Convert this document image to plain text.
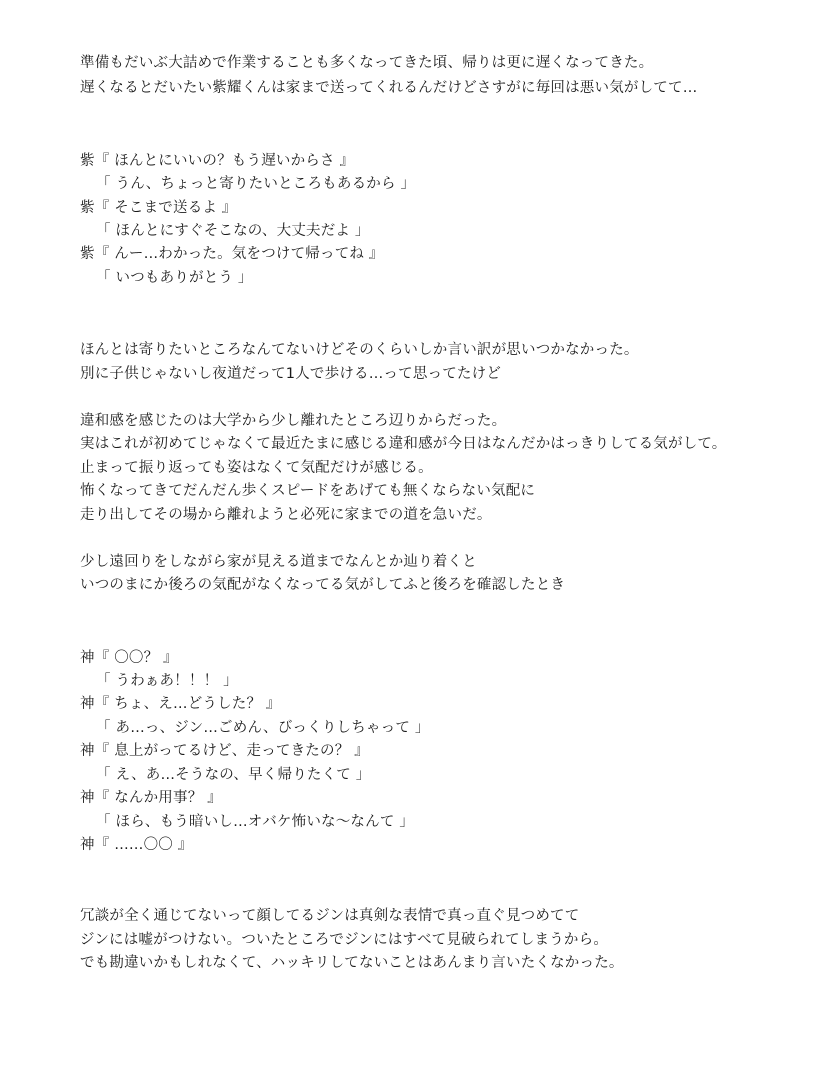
準備もだいぶ大詰めで作業することも多くなってきた頃、帰りは更に遅くなってきた。
遅くなるとだいたい紫耀くんは家まで送ってくれるんだけどさすがに毎回は悪い気がしてて…
紫『 ほんとにいいの？もう遅いからさ 』
「 うん、ちょっと寄りたいところもあるから 」
紫『 そこまで送るよ 』
「 ほんとにすぐそこなの、大丈夫だよ 」
紫『 んー…わかった。気をつけて帰ってね 』
「 いつもありがとう 」
ほんとは寄りたいところなんてないけどそのくらいしか言い訳が思いつかなかった。
別に子供じゃないし夜道だって1人で歩ける…って思ってたけど
違和感を感じたのは大学から少し離れたところ辺りからだった。
実はこれが初めてじゃなくて最近たまに感じる違和感が今日はなんだかはっきりしてる気がして。
止まって振り返っても姿はなくて気配だけが感じる。
怖くなってきてだんだん歩くスピードをあげても無くならない気配に
走り出してその場から離れようと必死に家までの道を急いだ。
少し遠回りをしながら家が見える道までなんとか辿り着くと
いつのまにか後ろの気配がなくなってる気がしてふと後ろを確認したとき
神『 〇〇？ 』
「 うわぁあ！！！ 」
神『 ちょ、え…どうした？ 』
「 あ…っ、ジン…ごめん、びっくりしちゃって 」
神『 息上がってるけど、走ってきたの？ 』
「 え、あ…そうなの、早く帰りたくて 」
神『 なんか用事？ 』
「 ほら、もう暗いし…オバケ怖いな〜なんて 」
神『 ……〇〇 』
冗談が全く通じてないって顔してるジンは真剣な表情で真っ直ぐ見つめてて
ジンには嘘がつけない。ついたところでジンにはすべて見破られてしまうから。
でも勘違いかもしれなくて、ハッキリしてないことはあんまり言いたくなかった。
